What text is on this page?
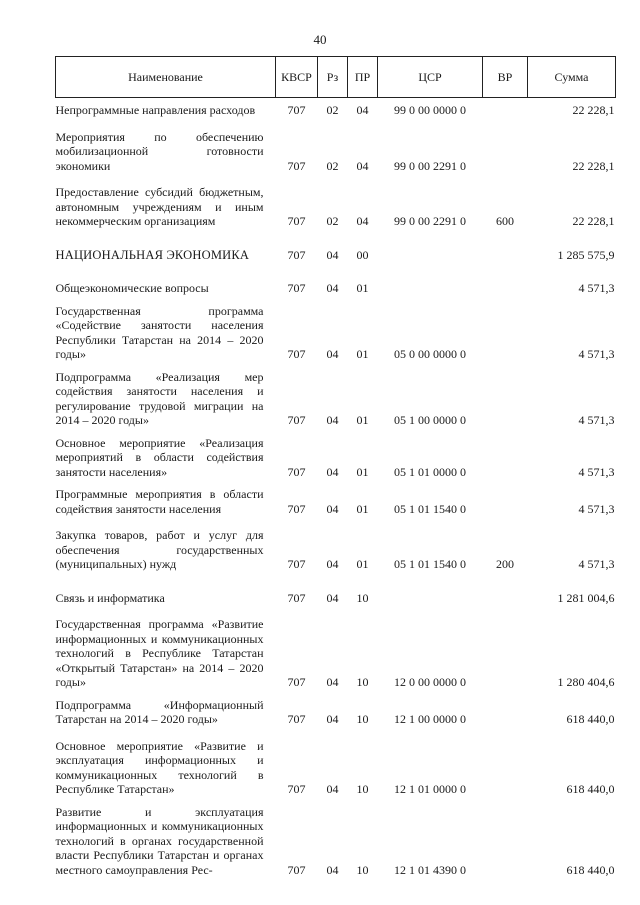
40
Наименование	КВСР	Рз	ПР	ЦСР	ВР	Сумма
Непрограммные направления расходов	707	02	04	99 0 00 0000 0		22 228,1
Мероприятия по обеспечению мобилизационной готовности экономики	707	02	04	99 0 00 2291 0		22 228,1
Предоставление субсидий бюджетным, автономным учреждениям и иным некоммерческим организациям	707	02	04	99 0 00 2291 0	600	22 228,1
НАЦИОНАЛЬНАЯ ЭКОНОМИКА	707	04	00			1 285 575,9
Общеэкономические вопросы	707	04	01			4 571,3
Государственная программа «Содействие занятости населения Республики Татарстан на 2014 – 2020 годы»	707	04	01	05 0 00 0000 0		4 571,3
Подпрограмма «Реализация мер содействия занятости населения и регулирование трудовой миграции на 2014 – 2020 годы»	707	04	01	05 1 00 0000 0		4 571,3
Основное мероприятие «Реализация мероприятий в области содействия занятости населения»	707	04	01	05 1 01 0000 0		4 571,3
Программные мероприятия в области содействия занятости населения	707	04	01	05 1 01 1540 0		4 571,3
Закупка товаров, работ и услуг для обеспечения государственных (муниципальных) нужд	707	04	01	05 1 01 1540 0	200	4 571,3
Связь и информатика	707	04	10			1 281 004,6
Государственная программа «Развитие информационных и коммуникационных технологий в Республике Татарстан «Открытый Татарстан» на 2014 – 2020 годы»	707	04	10	12 0 00 0000 0		1 280 404,6
Подпрограмма «Информационный Татарстан на 2014 – 2020 годы»	707	04	10	12 1 00 0000 0		618 440,0
Основное мероприятие «Развитие и эксплуатация информационных и коммуникационных технологий в Республике Татарстан»	707	04	10	12 1 01 0000 0		618 440,0
Развитие и эксплуатация информационных и коммуникационных технологий в органах государственной власти Республики Татарстан и органах местного самоуправления Рес-	707	04	10	12 1 01 4390 0		618 440,0
